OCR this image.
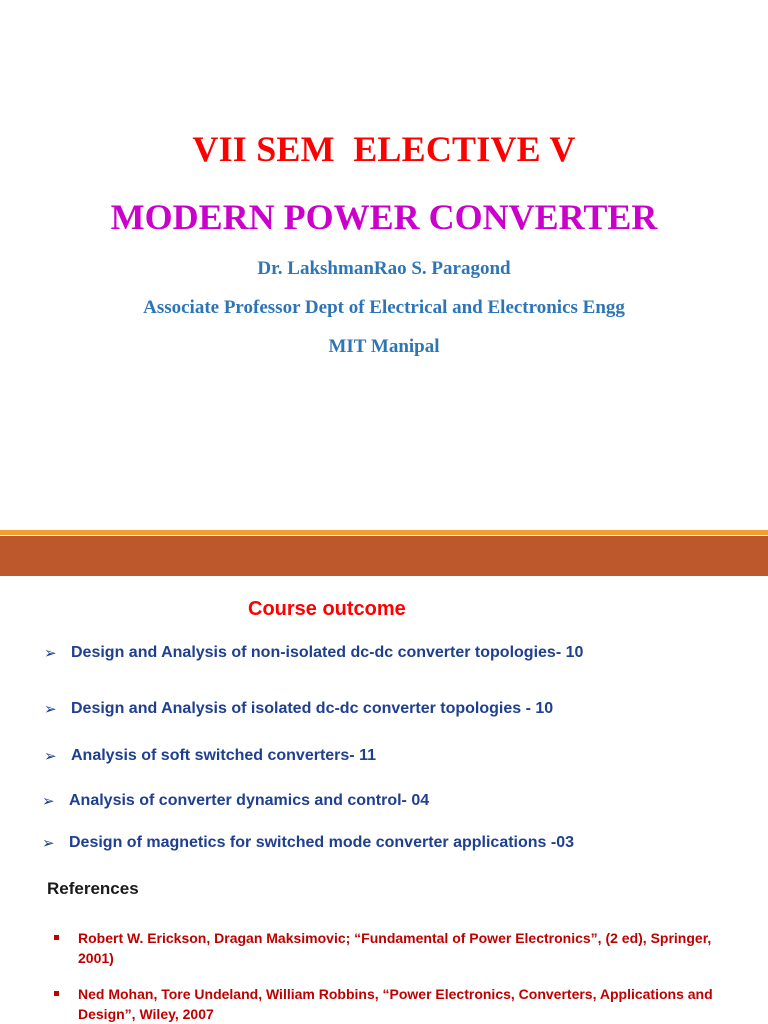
VII SEM  ELECTIVE V
MODERN POWER CONVERTER
Dr. LakshmanRao S. Paragond
Associate Professor Dept of Electrical and Electronics Engg
MIT Manipal
Course outcome
➢ Design and Analysis of non-isolated dc-dc converter topologies- 10
➢ Design and Analysis of isolated dc-dc converter topologies - 10
➢ Analysis of soft switched converters- 11
➢ Analysis of converter dynamics and control- 04
➢ Design of magnetics for switched mode converter applications -03
References
Robert W. Erickson, Dragan Maksimovic; “Fundamental of Power Electronics”, (2 ed), Springer, 2001)
Ned Mohan, Tore Undeland, William Robbins, “Power Electronics, Converters, Applications and Design”, Wiley, 2007
